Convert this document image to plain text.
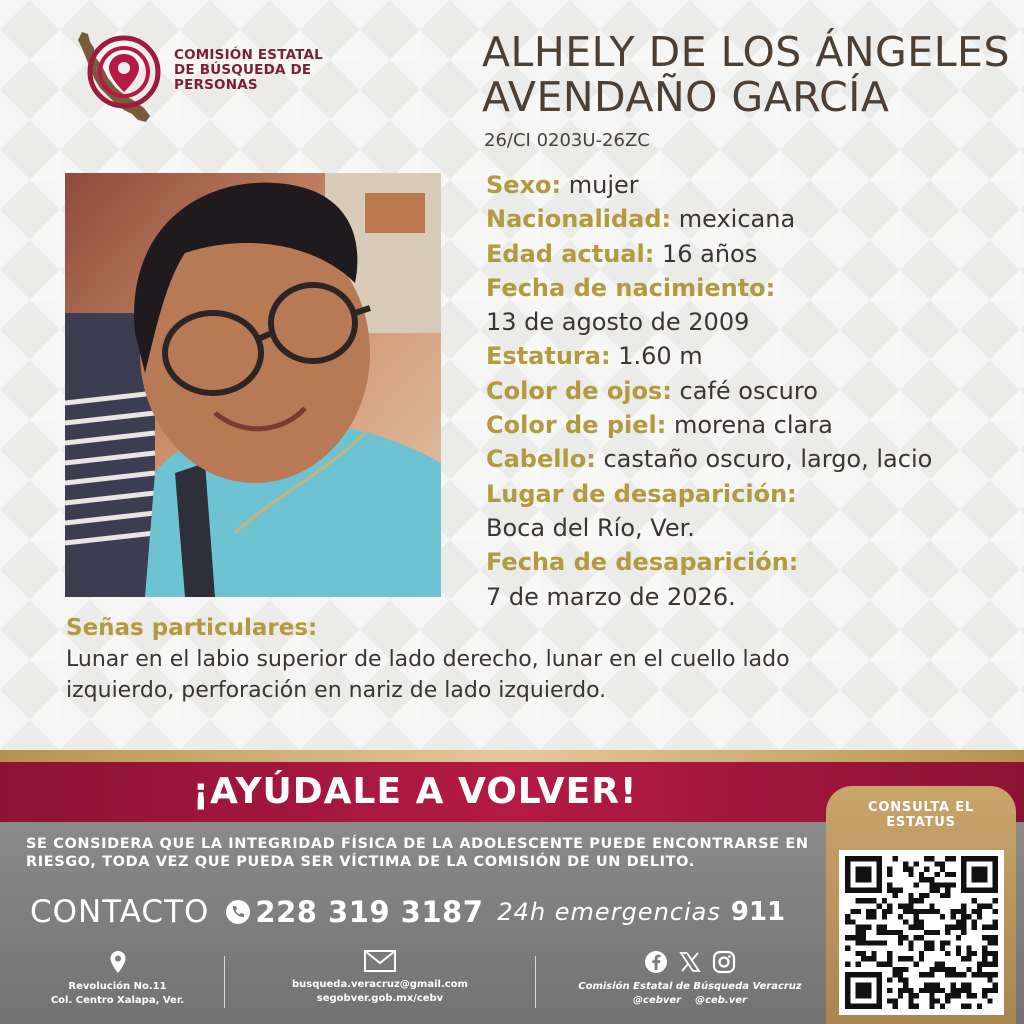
COMISIÓN ESTATAL
DE BÚSQUEDA DE
PERSONAS
ALHELY DE LOS ÁNGELES
AVENDAÑO GARCÍA
26/CI 0203U-26ZC
Sexo: mujer
Nacionalidad: mexicana
Edad actual: 16 años
Fecha de nacimiento:
13 de agosto de 2009
Estatura: 1.60 m
Color de ojos: café oscuro
Color de piel: morena clara
Cabello: castaño oscuro, largo, lacio
Lugar de desaparición:
Boca del Río, Ver.
Fecha de desaparición:
7 de marzo de 2026.
Señas particulares:
Lunar en el labio superior de lado derecho, lunar en el cuello lado
izquierdo, perforación en nariz de lado izquierdo.
¡AYÚDALE A VOLVER!
SE CONSIDERA QUE LA INTEGRIDAD FÍSICA DE LA ADOLESCENTE PUEDE ENCONTRARSE EN
RIESGO, TODA VEZ QUE PUEDA SER VÍCTIMA DE LA COMISIÓN DE UN DELITO.
CONTACTO 228 319 3187 24h emergencias 911
Revolución No.11
Col. Centro Xalapa, Ver.
busqueda.veracruz@gmail.com
segobver.gob.mx/cebv
Comisión Estatal de Búsqueda Veracruz
@cebver @ceb.ver
CONSULTA EL
ESTATUS
